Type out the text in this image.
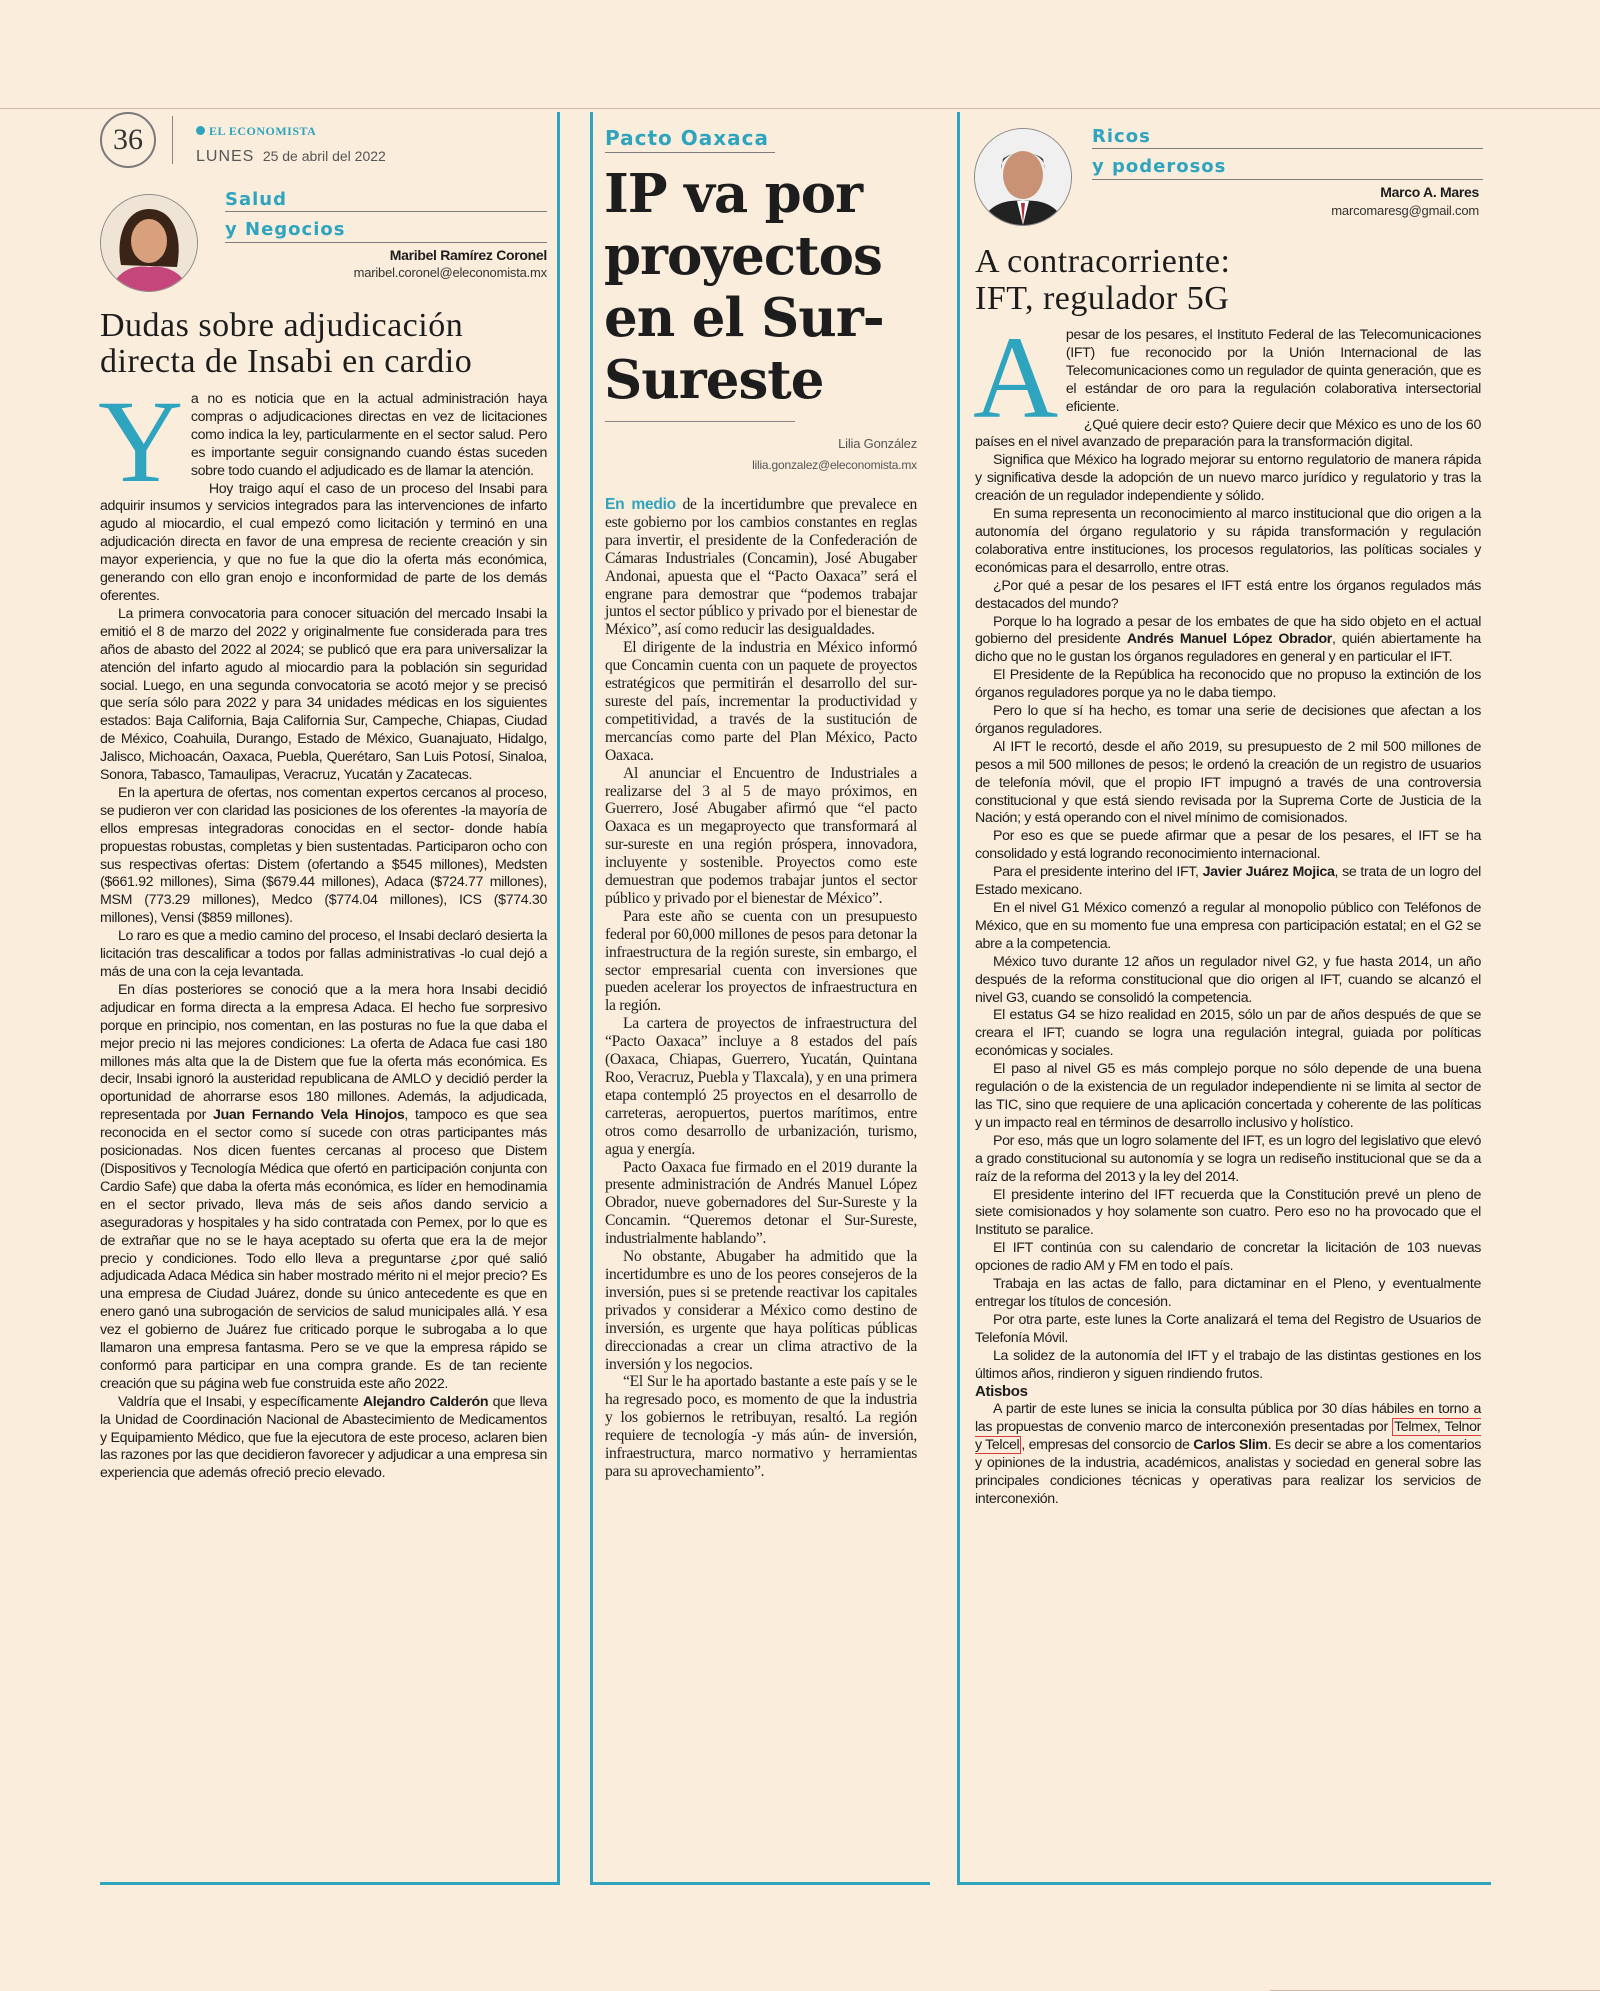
36	EL ECONOMISTA
LUNES 25 de abril del 2022
Salud
y Negocios
Maribel Ramírez Coronel
maribel.coronel@eleconomista.mx
Dudas sobre adjudicación
directa de Insabi en cardio

Ya no es noticia que en la actual administración haya compras o adjudicaciones directas en vez de licitaciones como indica la ley, particularmente en el sector salud. Pero es importante seguir consignando cuando éstas suceden sobre todo cuando el adjudicado es de llamar la atención.

Hoy traigo aquí el caso de un proceso del Insabi para adquirir insumos y servicios integrados para las intervenciones de infarto agudo al miocardio, el cual empezó como licitación y terminó en una adjudicación directa en favor de una empresa de reciente creación y sin mayor experiencia, y que no fue la que dio la oferta más económica, generando con ello gran enojo e inconformidad de parte de los demás oferentes.

La primera convocatoria para conocer situación del mercado Insabi la emitió el 8 de marzo del 2022 y originalmente fue considerada para tres años de abasto del 2022 al 2024; se publicó que era para universalizar la atención del infarto agudo al miocardio para la población sin seguridad social. Luego, en una segunda convocatoria se acotó mejor y se precisó que sería sólo para 2022 y para 34 unidades médicas en los siguientes estados: Baja California, Baja California Sur, Campeche, Chiapas, Ciudad de México, Coahuila, Durango, Estado de México, Guanajuato, Hidalgo, Jalisco, Michoacán, Oaxaca, Puebla, Querétaro, San Luis Potosí, Sinaloa, Sonora, Tabasco, Tamaulipas, Veracruz, Yucatán y Zacatecas.

En la apertura de ofertas, nos comentan expertos cercanos al proceso, se pudieron ver con claridad las posiciones de los oferentes -la mayoría de ellos empresas integradoras conocidas en el sector- donde había propuestas robustas, completas y bien sustentadas. Participaron ocho con sus respectivas ofertas: Distem (ofertando a $545 millones), Medsten ($661.92 millones), Sima ($679.44 millones), Adaca ($724.77 millones), MSM (773.29 millones), Medco ($774.04 millones), ICS ($774.30 millones), Vensi ($859 millones).

Lo raro es que a medio camino del proceso, el Insabi declaró desierta la licitación tras descalificar a todos por fallas administrativas -lo cual dejó a más de una con la ceja levantada.

En días posteriores se conoció que a la mera hora Insabi decidió adjudicar en forma directa a la empresa Adaca. El hecho fue sorpresivo porque en principio, nos comentan, en las posturas no fue la que daba el mejor precio ni las mejores condiciones: La oferta de Adaca fue casi 180 millones más alta que la de Distem que fue la oferta más económica. Es decir, Insabi ignoró la austeridad republicana de AMLO y decidió perder la oportunidad de ahorrarse esos 180 millones. Además, la adjudicada, representada por Juan Fernando Vela Hinojos, tampoco es que sea reconocida en el sector como sí sucede con otras participantes más posicionadas. Nos dicen fuentes cercanas al proceso que Distem (Dispositivos y Tecnología Médica que ofertó en participación conjunta con Cardio Safe) que daba la oferta más económica, es líder en hemodinamia en el sector privado, lleva más de seis años dando servicio a aseguradoras y hospitales y ha sido contratada con Pemex, por lo que es de extrañar que no se le haya aceptado su oferta que era la de mejor precio y condiciones. Todo ello lleva a preguntarse ¿por qué salió adjudicada Adaca Médica sin haber mostrado mérito ni el mejor precio? Es una empresa de Ciudad Juárez, donde su único antecedente es que en enero ganó una subrogación de servicios de salud municipales allá. Y esa vez el gobierno de Juárez fue criticado porque le subrogaba a lo que llamaron una empresa fantasma. Pero se ve que la empresa rápido se conformó para participar en una compra grande. Es de tan reciente creación que su página web fue construida este año 2022.

Valdría que el Insabi, y específicamente Alejandro Calderón que lleva la Unidad de Coordinación Nacional de Abastecimiento de Medicamentos y Equipamiento Médico, que fue la ejecutora de este proceso, aclaren bien las razones por las que decidieron favorecer y adjudicar a una empresa sin experiencia que además ofreció precio elevado.

Pacto Oaxaca
IP va por
proyectos
en el Sur-
Sureste
Lilia González
lilia.gonzalez@eleconomista.mx

En medio de la incertidumbre que prevalece en este gobierno por los cambios constantes en reglas para invertir, el presidente de la Confederación de Cámaras Industriales (Concamin), José Abugaber Andonai, apuesta que el “Pacto Oaxaca” será el engrane para demostrar que “podemos trabajar juntos el sector público y privado por el bienestar de México”, así como reducir las desigualdades.

El dirigente de la industria en México informó que Concamin cuenta con un paquete de proyectos estratégicos que permitirán el desarrollo del sur-sureste del país, incrementar la productividad y competitividad, a través de la sustitución de mercancías como parte del Plan México, Pacto Oaxaca.

Al anunciar el Encuentro de Industriales a realizarse del 3 al 5 de mayo próximos, en Guerrero, José Abugaber afirmó que “el pacto Oaxaca es un megaproyecto que transformará al sur-sureste en una región próspera, innovadora, incluyente y sostenible. Proyectos como este demuestran que podemos trabajar juntos el sector público y privado por el bienestar de México”.

Para este año se cuenta con un presupuesto federal por 60,000 millones de pesos para detonar la infraestructura de la región sureste, sin embargo, el sector empresarial cuenta con inversiones que pueden acelerar los proyectos de infraestructura en la región.

La cartera de proyectos de infraestructura del “Pacto Oaxaca” incluye a 8 estados del país (Oaxaca, Chiapas, Guerrero, Yucatán, Quintana Roo, Veracruz, Puebla y Tlaxcala), y en una primera etapa contempló 25 proyectos en el desarrollo de carreteras, aeropuertos, puertos marítimos, entre otros como desarrollo de urbanización, turismo, agua y energía.

Pacto Oaxaca fue firmado en el 2019 durante la presente administración de Andrés Manuel López Obrador, nueve gobernadores del Sur-Sureste y la Concamin. “Queremos detonar el Sur-Sureste, industrialmente hablando”.

No obstante, Abugaber ha admitido que la incertidumbre es uno de los peores consejeros de la inversión, pues si se pretende reactivar los capitales privados y considerar a México como destino de inversión, es urgente que haya políticas públicas direccionadas a crear un clima atractivo de la inversión y los negocios.

“El Sur le ha aportado bastante a este país y se le ha regresado poco, es momento de que la industria y los gobiernos le retribuyan, resaltó. La región requiere de tecnología -y más aún- de inversión, infraestructura, marco normativo y herramientas para su aprovechamiento”.

Ricos
y poderosos
Marco A. Mares
marcomaresg@gmail.com
A contracorriente:
IFT, regulador 5G

Apesar de los pesares, el Instituto Federal de las Telecomunicaciones (IFT) fue reconocido por la Unión Internacional de las Telecomunicaciones como un regulador de quinta generación, que es el estándar de oro para la regulación colaborativa intersectorial eficiente.

¿Qué quiere decir esto? Quiere decir que México es uno de los 60 países en el nivel avanzado de preparación para la transformación digital.

Significa que México ha logrado mejorar su entorno regulatorio de manera rápida y significativa desde la adopción de un nuevo marco jurídico y regulatorio y tras la creación de un regulador independiente y sólido.

En suma representa un reconocimiento al marco institucional que dio origen a la autonomía del órgano regulatorio y su rápida transformación y regulación colaborativa entre instituciones, los procesos regulatorios, las políticas sociales y económicas para el desarrollo, entre otras.

¿Por qué a pesar de los pesares el IFT está entre los órganos regulados más destacados del mundo?

Porque lo ha logrado a pesar de los embates de que ha sido objeto en el actual gobierno del presidente Andrés Manuel López Obrador, quién abiertamente ha dicho que no le gustan los órganos reguladores en general y en particular el IFT.

El Presidente de la República ha reconocido que no propuso la extinción de los órganos reguladores porque ya no le daba tiempo.

Pero lo que sí ha hecho, es tomar una serie de decisiones que afectan a los órganos reguladores.

Al IFT le recortó, desde el año 2019, su presupuesto de 2 mil 500 millones de pesos a mil 500 millones de pesos; le ordenó la creación de un registro de usuarios de telefonía móvil, que el propio IFT impugnó a través de una controversia constitucional y que está siendo revisada por la Suprema Corte de Justicia de la Nación; y está operando con el nivel mínimo de comisionados.

Por eso es que se puede afirmar que a pesar de los pesares, el IFT se ha consolidado y está logrando reconocimiento internacional.

Para el presidente interino del IFT, Javier Juárez Mojica, se trata de un logro del Estado mexicano.

En el nivel G1 México comenzó a regular al monopolio público con Teléfonos de México, que en su momento fue una empresa con participación estatal; en el G2 se abre a la competencia.

México tuvo durante 12 años un regulador nivel G2, y fue hasta 2014, un año después de la reforma constitucional que dio origen al IFT, cuando se alcanzó el nivel G3, cuando se consolidó la competencia.

El estatus G4 se hizo realidad en 2015, sólo un par de años después de que se creara el IFT; cuando se logra una regulación integral, guiada por políticas económicas y sociales.

El paso al nivel G5 es más complejo porque no sólo depende de una buena regulación o de la existencia de un regulador independiente ni se limita al sector de las TIC, sino que requiere de una aplicación concertada y coherente de las políticas y un impacto real en términos de desarrollo inclusivo y holístico.

Por eso, más que un logro solamente del IFT, es un logro del legislativo que elevó a grado constitucional su autonomía y se logra un rediseño institucional que se da a raíz de la reforma del 2013 y la ley del 2014.

El presidente interino del IFT recuerda que la Constitución prevé un pleno de siete comisionados y hoy solamente son cuatro. Pero eso no ha provocado que el Instituto se paralice.

El IFT continúa con su calendario de concretar la licitación de 103 nuevas opciones de radio AM y FM en todo el país.

Trabaja en las actas de fallo, para dictaminar en el Pleno, y eventualmente entregar los títulos de concesión.

Por otra parte, este lunes la Corte analizará el tema del Registro de Usuarios de Telefonía Móvil.

La solidez de la autonomía del IFT y el trabajo de las distintas gestiones en los últimos años, rindieron y siguen rindiendo frutos.

Atisbos

A partir de este lunes se inicia la consulta pública por 30 días hábiles en torno a las propuestas de convenio marco de interconexión presentadas por Telmex, Telnor y Telcel , empresas del consorcio de Carlos Slim. Es decir se abre a los comentarios y opiniones de la industria, académicos, analistas y sociedad en general sobre las principales condiciones técnicas y operativas para realizar los servicios de interconexión.
